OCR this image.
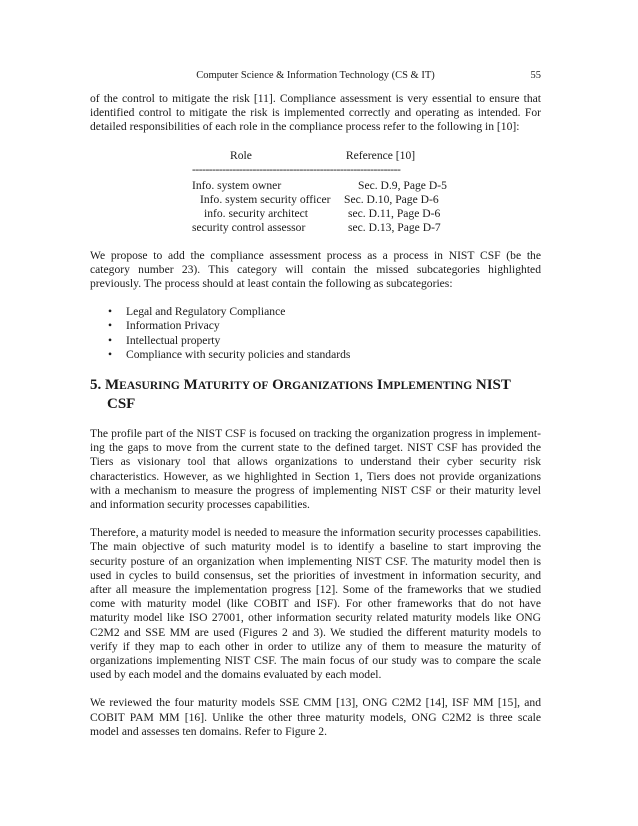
Computer Science & Information Technology (CS & IT)	55

of the control to mitigate the risk [11]. Compliance assessment is very essential to ensure that identified control to mitigate the risk is implemented correctly and operating as intended. For detailed responsibilities of each role in the compliance process refer to the following in [10]:

Role	Reference [10]
--------------------------------------------------------------
Info. system owner	Sec. D.9, Page D-5
Info. system security officer	Sec. D.10, Page D-6
info. security architect	sec. D.11, Page D-6
security control assessor	sec. D.13, Page D-7

We propose to add the compliance assessment process as a process in NIST CSF (be the category number 23). This category will contain the missed subcategories highlighted previously. The process should at least contain the following as subcategories:

• Legal and Regulatory Compliance
• Information Privacy
• Intellectual property
• Compliance with security policies and standards
5. MEASURING MATURITY OF ORGANIZATIONS IMPLEMENTING NIST
CSF

The profile part of the NIST CSF is focused on tracking the organization progress in implement-ing the gaps to move from the current state to the defined target. NIST CSF has provided the Tiers as visionary tool that allows organizations to understand their cyber security risk characteristics. However, as we highlighted in Section 1, Tiers does not provide organizations with a mechanism to measure the progress of implementing NIST CSF or their maturity level and information security processes capabilities.

Therefore, a maturity model is needed to measure the information security processes capabilities. The main objective of such maturity model is to identify a baseline to start improving the security posture of an organization when implementing NIST CSF. The maturity model then is used in cycles to build consensus, set the priorities of investment in information security, and after all measure the implementation progress [12]. Some of the frameworks that we studied come with maturity model (like COBIT and ISF). For other frameworks that do not have maturity model like ISO 27001, other information security related maturity models like ONG C2M2 and SSE MM are used (Figures 2 and 3). We studied the different maturity models to verify if they map to each other in order to utilize any of them to measure the maturity of organizations implementing NIST CSF. The main focus of our study was to compare the scale used by each model and the domains evaluated by each model.

We reviewed the four maturity models SSE CMM [13], ONG C2M2 [14], ISF MM [15], and COBIT PAM MM [16]. Unlike the other three maturity models, ONG C2M2 is three scale model and assesses ten domains. Refer to Figure 2.
